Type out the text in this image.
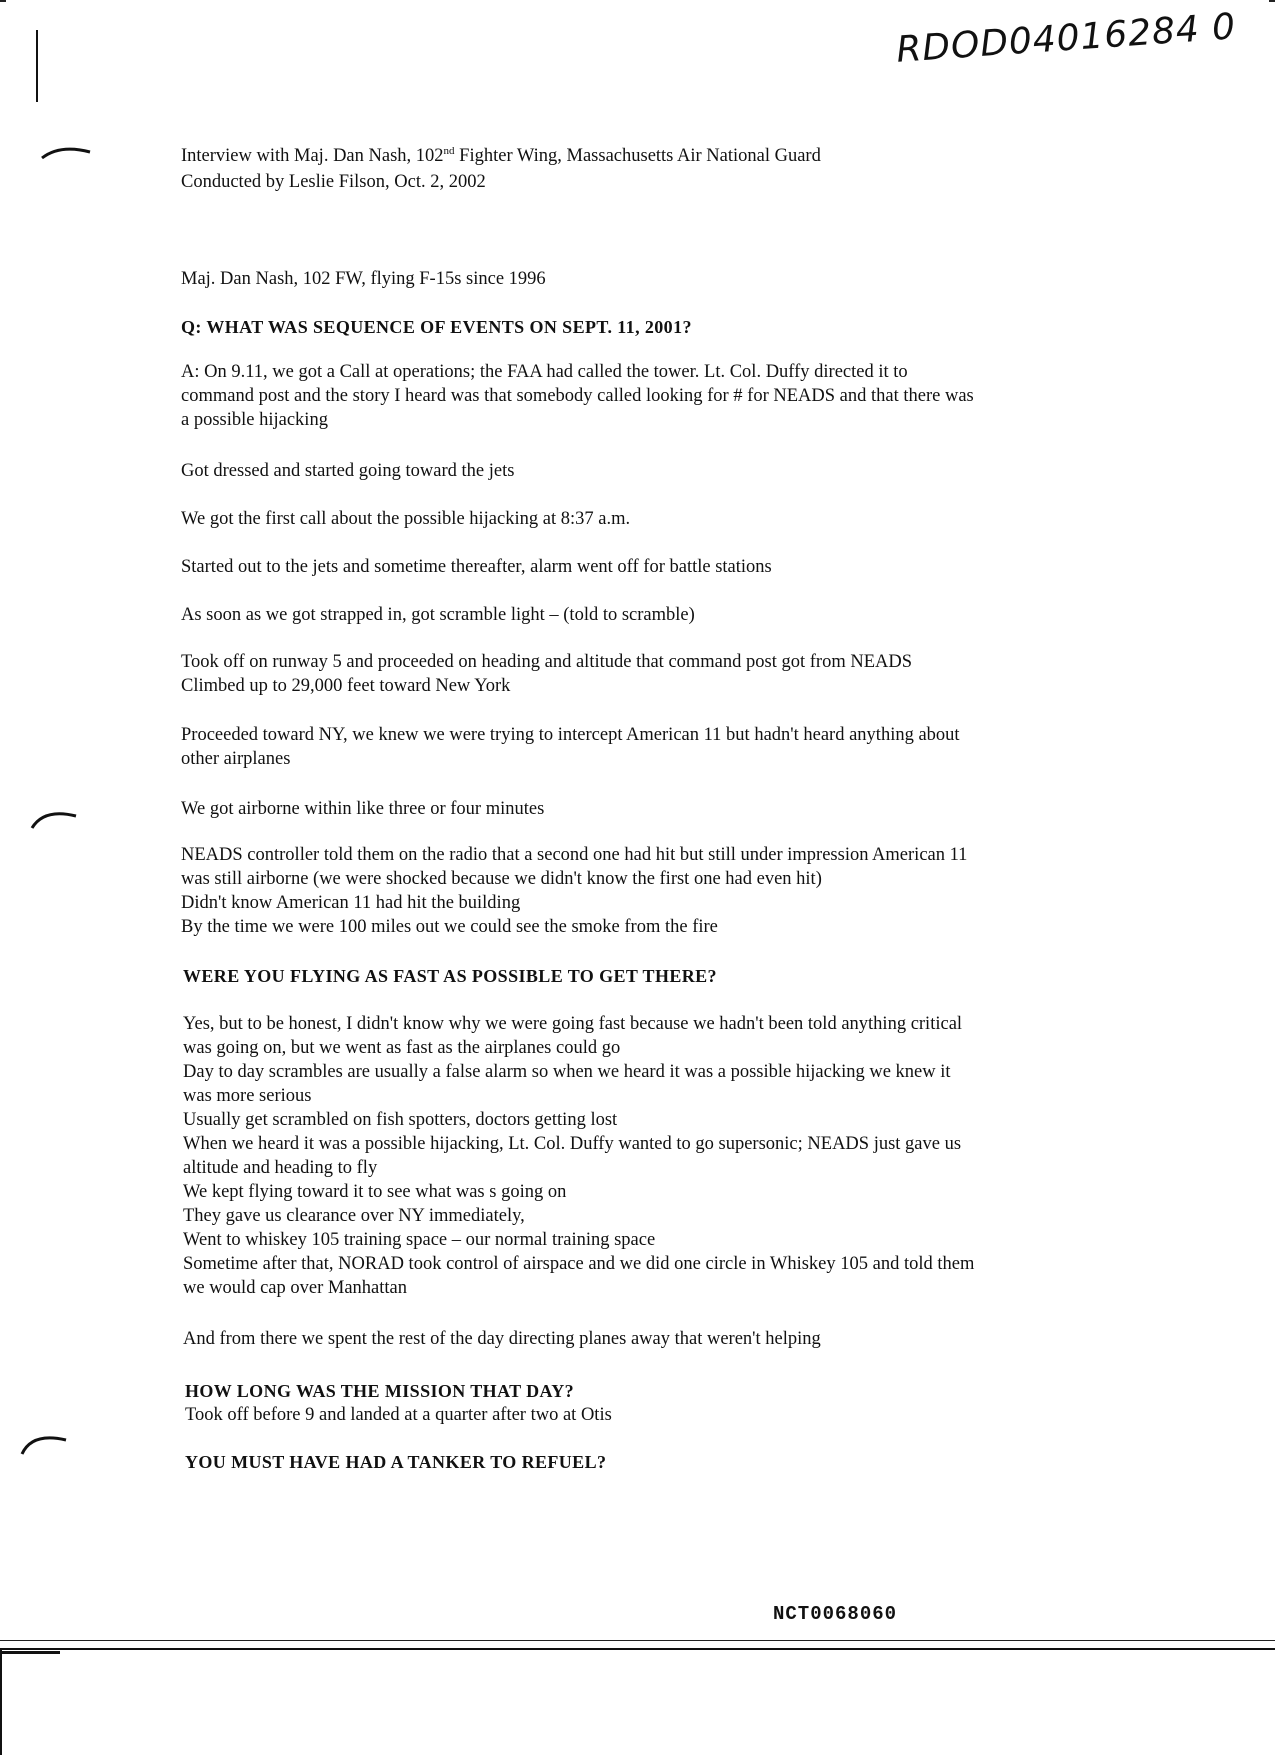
RDOD04016284 0
Interview with Maj. Dan Nash, 102nd Fighter Wing, Massachusetts Air National Guard
Conducted by Leslie Filson, Oct. 2, 2002
Maj. Dan Nash, 102 FW, flying F-15s since 1996
Q: WHAT WAS SEQUENCE OF EVENTS ON SEPT. 11, 2001?
A: On 9.11, we got a Call at operations; the FAA had called the tower. Lt. Col. Duffy directed it to
command post and the story I heard was that somebody called looking for # for NEADS and that there was
a possible hijacking
Got dressed and started going toward the jets
We got the first call about the possible hijacking at 8:37 a.m.
Started out to the jets and sometime thereafter, alarm went off for battle stations
As soon as we got strapped in, got scramble light – (told to scramble)
Took off on runway 5 and proceeded on heading and altitude that command post got from NEADS
Climbed up to 29,000 feet toward New York
Proceeded toward NY, we knew we were trying to intercept American 11 but hadn't heard anything about
other airplanes
We got airborne within like three or four minutes
NEADS controller told them on the radio that a second one had hit but still under impression American 11
was still airborne (we were shocked because we didn't know the first one had even hit)
Didn't know American 11 had hit the building
By the time we were 100 miles out we could see the smoke from the fire
WERE YOU FLYING AS FAST AS POSSIBLE TO GET THERE?
Yes, but to be honest, I didn't know why we were going fast because we hadn't been told anything critical
was going on, but we went as fast as the airplanes could go
Day to day scrambles are usually a false alarm so when we heard it was a possible hijacking we knew it
was more serious
Usually get scrambled on fish spotters, doctors getting lost
When we heard it was a possible hijacking, Lt. Col. Duffy wanted to go supersonic; NEADS just gave us
altitude and heading to fly
We kept flying toward it to see what was s going on
They gave us clearance over NY immediately,
Went to whiskey 105 training space – our normal training space
Sometime after that, NORAD took control of airspace and we did one circle in Whiskey 105 and told them
we would cap over Manhattan
And from there we spent the rest of the day directing planes away that weren't helping
HOW LONG WAS THE MISSION THAT DAY?
Took off before 9 and landed at a quarter after two at Otis
YOU MUST HAVE HAD A TANKER TO REFUEL?
NCT0068060
